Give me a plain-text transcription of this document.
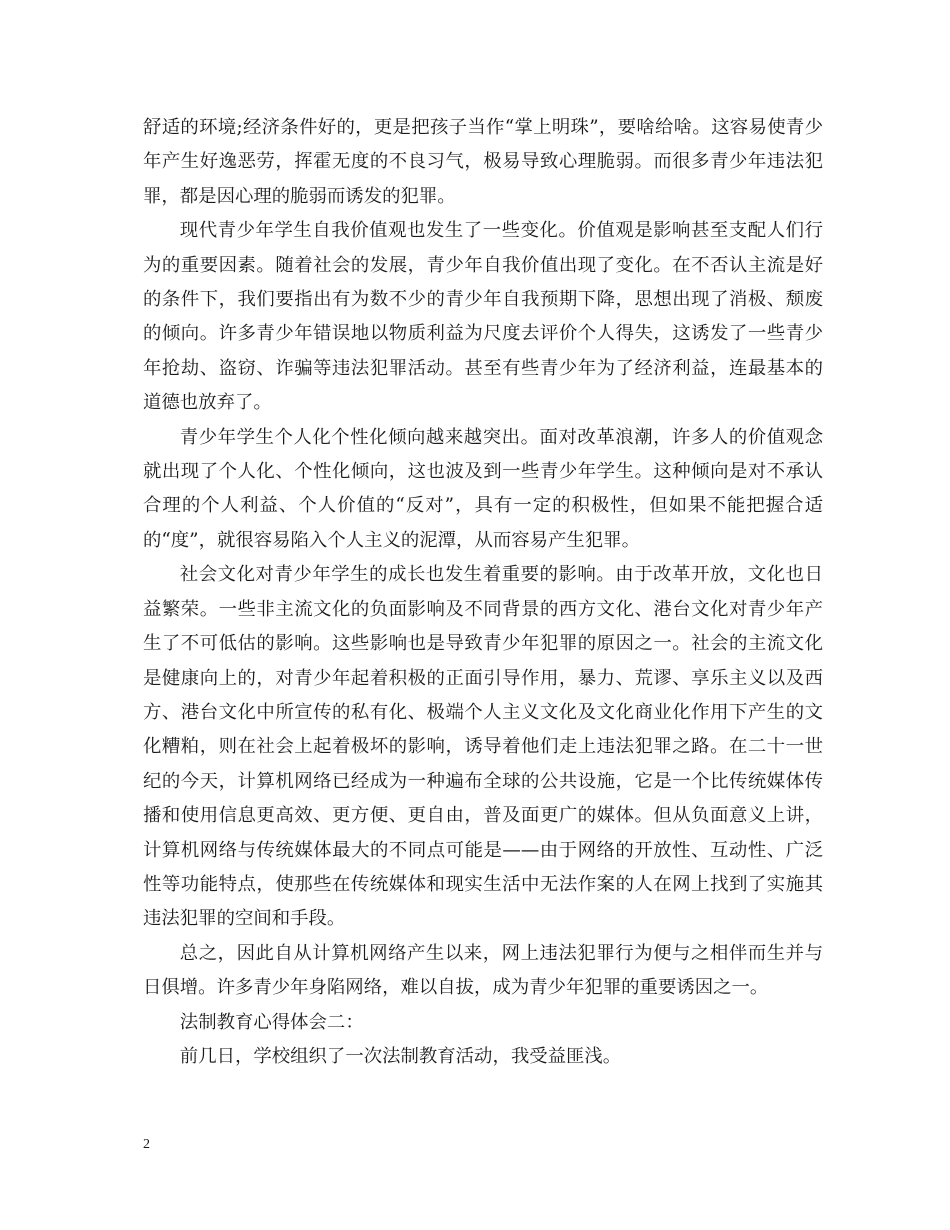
舒适的环境;经济条件好的，更是把孩子当作“掌上明珠”，要啥给啥。这容易使青少年产生好逸恶劳，挥霍无度的不良习气，极易导致心理脆弱。而很多青少年违法犯罪，都是因心理的脆弱而诱发的犯罪。

现代青少年学生自我价值观也发生了一些变化。价值观是影响甚至支配人们行为的重要因素。随着社会的发展，青少年自我价值出现了变化。在不否认主流是好的条件下，我们要指出有为数不少的青少年自我预期下降，思想出现了消极、颓废的倾向。许多青少年错误地以物质利益为尺度去评价个人得失，这诱发了一些青少年抢劫、盗窃、诈骗等违法犯罪活动。甚至有些青少年为了经济利益，连最基本的道德也放弃了。

青少年学生个人化个性化倾向越来越突出。面对改革浪潮，许多人的价值观念就出现了个人化、个性化倾向，这也波及到一些青少年学生。这种倾向是对不承认合理的个人利益、个人价值的“反对”，具有一定的积极性，但如果不能把握合适的“度”，就很容易陷入个人主义的泥潭，从而容易产生犯罪。

社会文化对青少年学生的成长也发生着重要的影响。由于改革开放，文化也日益繁荣。一些非主流文化的负面影响及不同背景的西方文化、港台文化对青少年产生了不可低估的影响。这些影响也是导致青少年犯罪的原因之一。社会的主流文化是健康向上的，对青少年起着积极的正面引导作用，暴力、荒谬、享乐主义以及西方、港台文化中所宣传的私有化、极端个人主义文化及文化商业化作用下产生的文化糟粕，则在社会上起着极坏的影响，诱导着他们走上违法犯罪之路。在二十一世纪的今天，计算机网络已经成为一种遍布全球的公共设施，它是一个比传统媒体传播和使用信息更高效、更方便、更自由，普及面更广的媒体。但从负面意义上讲，计算机网络与传统媒体最大的不同点可能是——由于网络的开放性、互动性、广泛性等功能特点，使那些在传统媒体和现实生活中无法作案的人在网上找到了实施其违法犯罪的空间和手段。

总之，因此自从计算机网络产生以来，网上违法犯罪行为便与之相伴而生并与日俱增。许多青少年身陷网络，难以自拔，成为青少年犯罪的重要诱因之一。

法制教育心得体会二：

前几日，学校组织了一次法制教育活动，我受益匪浅。

2
